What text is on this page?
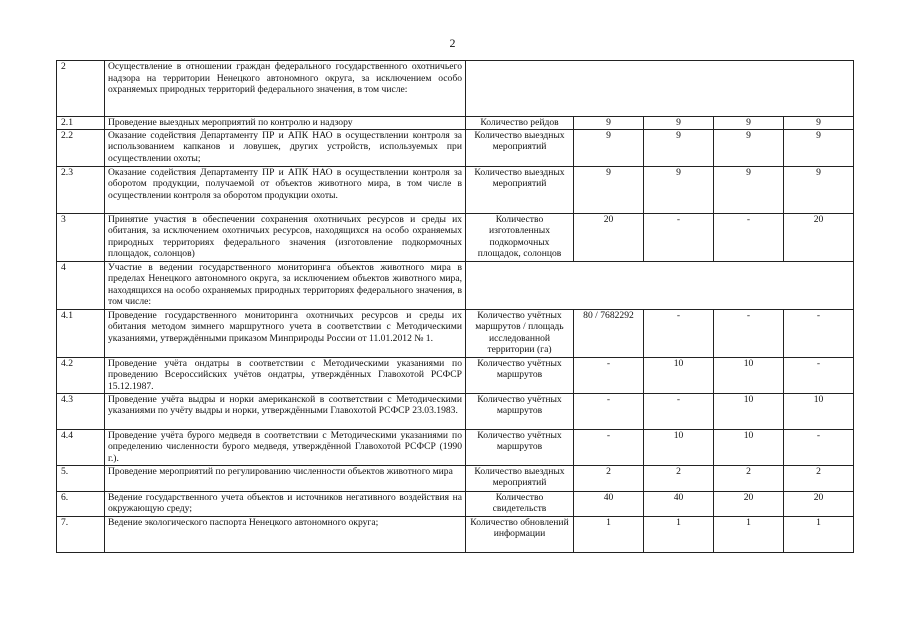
2
2	Осуществление в отношении граждан федерального государственного охотничьего надзора на территории Ненецкого автономного округа, за исключением особо охраняемых природных территорий федерального значения, в том числе:					
2.1	Проведение выездных мероприятий по контролю и надзору	Количество рейдов	9	9	9	9
2.2	Оказание содействия Департаменту ПР и АПК НАО в осуществлении контроля за использованием капканов и ловушек, других устройств, используемых при осуществлении охоты;	Количество выездных мероприятий	9	9	9	9
2.3	Оказание содействия Департаменту ПР и АПК НАО в осуществлении контроля за оборотом продукции, получаемой от объектов животного мира, в том числе в осуществлении контроля за оборотом продукции охоты.	Количество выездных мероприятий	9	9	9	9
3	Принятие участия в обеспечении сохранения охотничьих ресурсов и среды их обитания, за исключением охотничьих ресурсов, находящихся на особо охраняемых природных территориях федерального значения (изготовление подкормочных площадок, солонцов)	Количество изготовленных подкормочных площадок, солонцов	20	-	-	20
4	Участие в ведении государственного мониторинга объектов животного мира в пределах Ненецкого автономного округа, за исключением объектов животного мира, находящихся на особо охраняемых природных территориях федерального значения, в том числе:					
4.1	Проведение государственного мониторинга охотничьих ресурсов и среды их обитания методом зимнего маршрутного учета в соответствии с Методическими указаниями, утверждёнными приказом Минприроды России от 11.01.2012 № 1.	Количество учётных маршрутов / площадь исследованной территории (га)	80 / 7682292	-	-	-
4.2	Проведение учёта ондатры в соответствии с Методическими указаниями по проведению Всероссийских учётов ондатры, утверждённых Главохотой РСФСР 15.12.1987.	Количество учётных маршрутов	-	10	10	-
4.3	Проведение учёта выдры и норки американской в соответствии с Методическими указаниями по учёту выдры и норки, утверждёнными Главохотой РСФСР 23.03.1983.	Количество учётных маршрутов	-	-	10	10
4.4	Проведение учёта бурого медведя в соответствии с Методическими указаниями по определению численности бурого медведя, утверждённой Главохотой РСФСР (1990 г.).	Количество учётных маршрутов	-	10	10	-
5.	Проведение мероприятий по регулированию численности объектов животного мира	Количество выездных мероприятий	2	2	2	2
6.	Ведение государственного учета объектов и источников негативного воздействия на окружающую среду;	Количество свидетельств	40	40	20	20
7.	Ведение экологического паспорта Ненецкого автономного округа;	Количество обновлений информации	1	1	1	1
